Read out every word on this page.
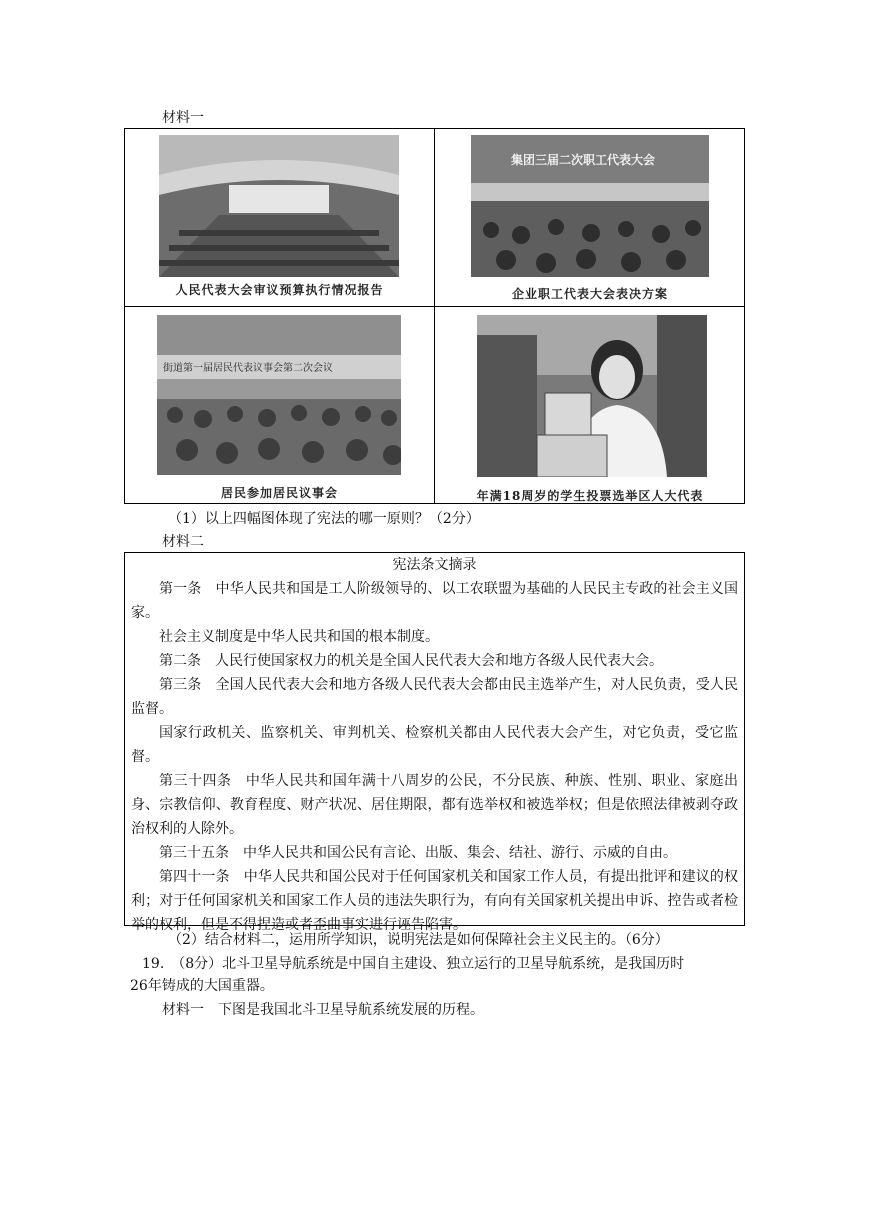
材料一
人民代表大会审议预算执行情况报告
集团三届二次职工代表大会
企业职工代表大会表决方案
街道第一届居民代表议事会第二次会议
居民参加居民议事会	年满18周岁的学生投票选举区人大代表
（1）以上四幅图体现了宪法的哪一原则？（2分）
材料二

宪法条文摘录

第一条　中华人民共和国是工人阶级领导的、以工农联盟为基础的人民民主专政的社会主义国家。

社会主义制度是中华人民共和国的根本制度。

第二条　人民行使国家权力的机关是全国人民代表大会和地方各级人民代表大会。

第三条　全国人民代表大会和地方各级人民代表大会都由民主选举产生，对人民负责，受人民监督。

国家行政机关、监察机关、审判机关、检察机关都由人民代表大会产生，对它负责，受它监督。

第三十四条　中华人民共和国年满十八周岁的公民，不分民族、种族、性别、职业、家庭出身、宗教信仰、教育程度、财产状况、居住期限，都有选举权和被选举权；但是依照法律被剥夺政治权利的人除外。

第三十五条　中华人民共和国公民有言论、出版、集会、结社、游行、示威的自由。

第四十一条　中华人民共和国公民对于任何国家机关和国家工作人员，有提出批评和建议的权利；对于任何国家机关和国家工作人员的违法失职行为，有向有关国家机关提出申诉、控告或者检举的权利，但是不得捏造或者歪曲事实进行诬告陷害。

（2）结合材料二，运用所学知识，说明宪法是如何保障社会主义民主的。（6分）
19.　（8分）北斗卫星导航系统是中国自主建设、独立运行的卫星导航系统，是我国历时
26年铸成的大国重器。
材料一　下图是我国北斗卫星导航系统发展的历程。
